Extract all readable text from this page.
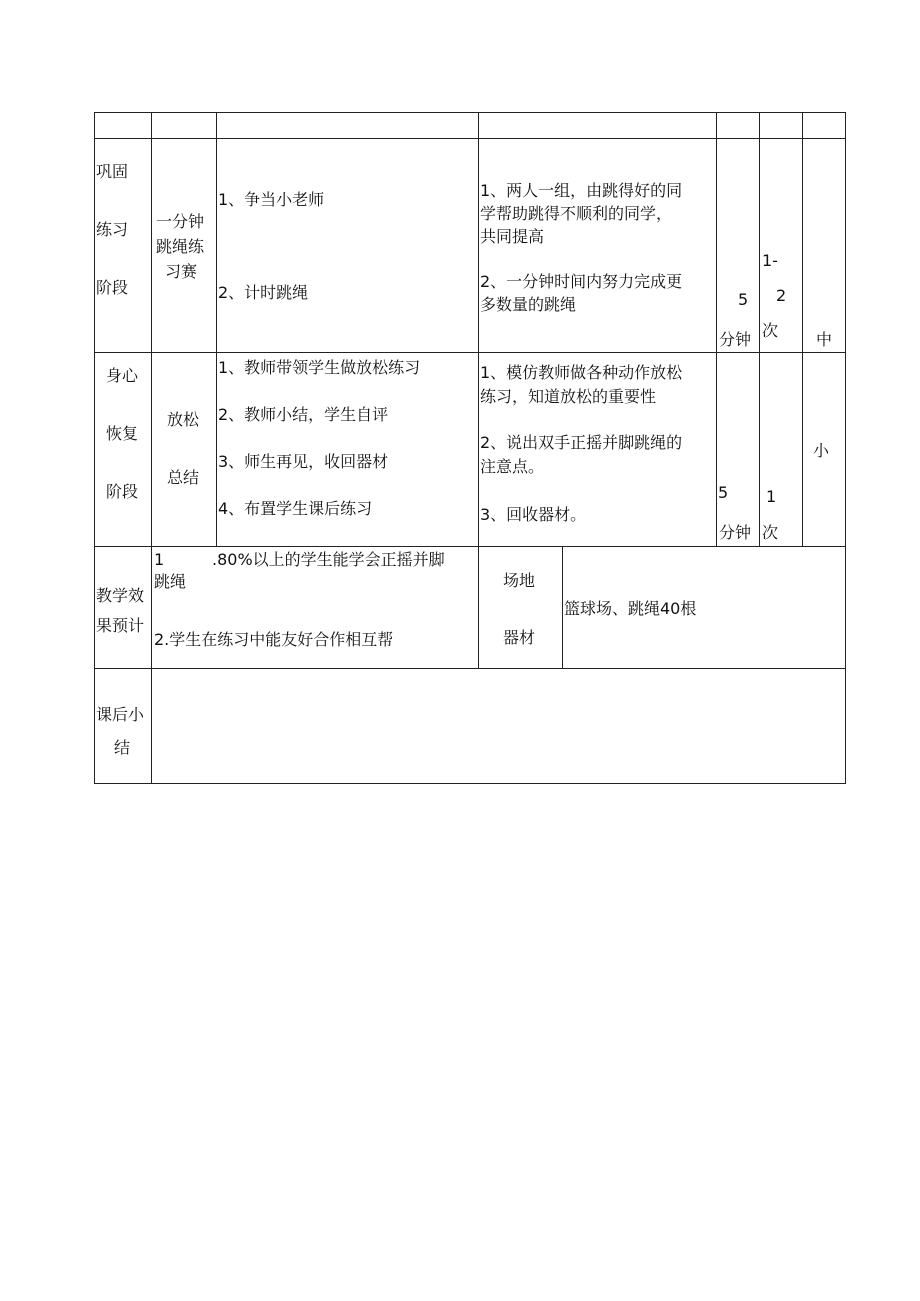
巩固
练习
阶段
一分钟
跳绳练
习赛
1、争当小老师
2、计时跳绳
1、两人一组，由跳得好的同
学帮助跳得不顺利的同学，
共同提高
2、一分钟时间内努力完成更
多数量的跳绳	5
分钟
1-
2
次 中
身心
恢复
阶段
放松
总结
1、教师带领学生做放松练习
2、教师小结，学生自评
3、师生再见，收回器材
4、布置学生课后练习
1、模仿教师做各种动作放松
练习，知道放松的重要性
2、说出双手正摇并脚跳绳的
注意点。
3、回收器材。
5
分钟
1
次
小
教学效
果预计
1	.80%以上的学生能学会正摇并脚
跳绳
2.学生在练习中能友好合作相互帮
场地
器材
篮球场、跳绳40根
课后小
结
